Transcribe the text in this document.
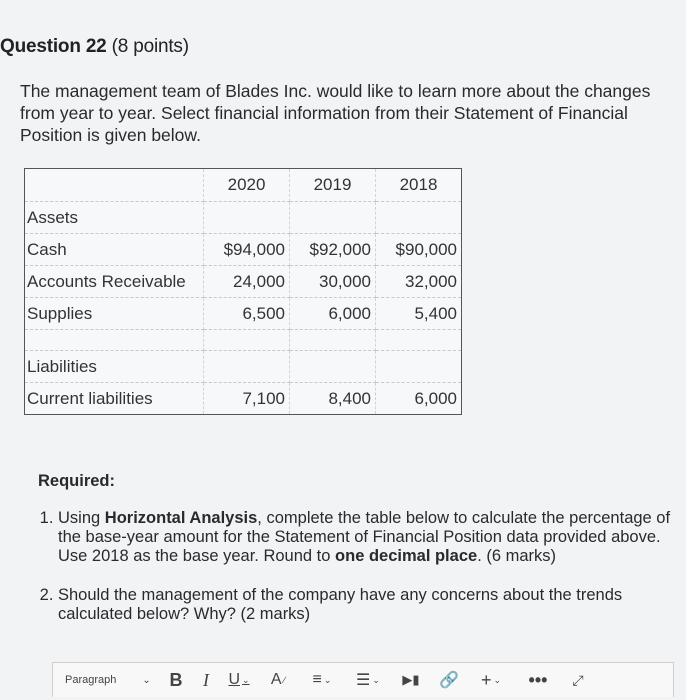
Question 22 (8 points)
The management team of Blades Inc. would like to learn more about the changes from year to year. Select financial information from their Statement of Financial Position is given below.
	2020	2019	2018
Assets			
Cash	$94,000	$92,000	$90,000
Accounts Receivable	24,000	30,000	32,000
Supplies	6,500	6,000	5,400

Liabilities			
Current liabilities	7,100	8,400	6,000
Required:
1. Using Horizontal Analysis, complete the table below to calculate the percentage of the base-year amount for the Statement of Financial Position data provided above. Use 2018 as the base year. Round to one decimal place. (6 marks)
2. Should the management of the company have any concerns about the trends calculated below? Why? (2 marks)
Paragraph	⌄	B	I	U ⌄ A ∕ ≡ ⌄ ☰ ⌄ ▶▮ 🔗 + ⌄ ••• ⤢
